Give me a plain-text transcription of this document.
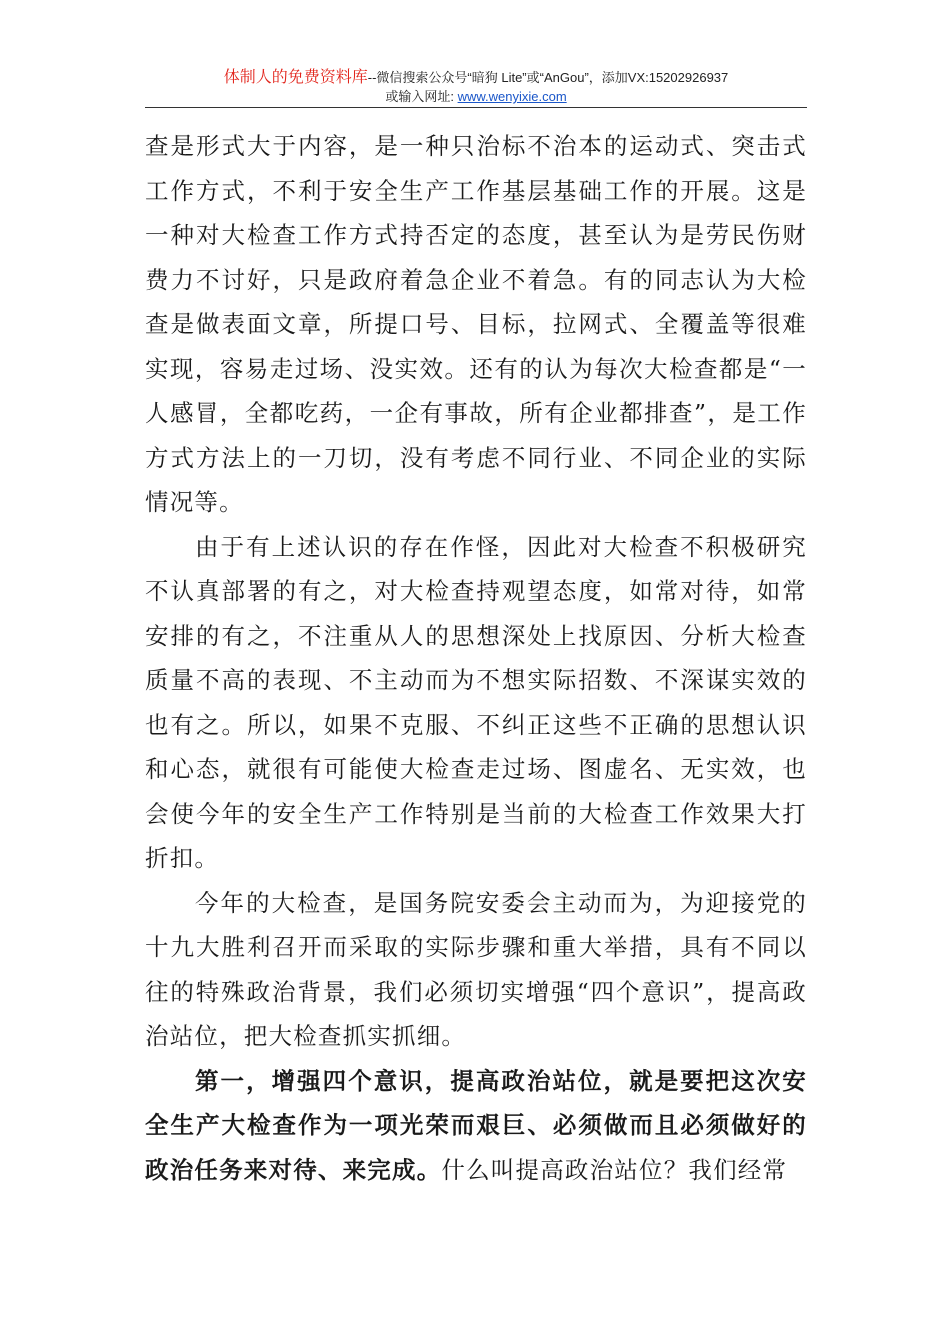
体制人的免费资料库--微信搜索公众号“暗狗 Lite”或“AnGou”，添加VX:15202926937
或输入网址: www.wenyixie.com

查是形式大于内容，是一种只治标不治本的运动式、突击式工作方式，不利于安全生产工作基层基础工作的开展。这是一种对大检查工作方式持否定的态度，甚至认为是劳民伤财费力不讨好，只是政府着急企业不着急。有的同志认为大检查是做表面文章，所提口号、目标，拉网式、全覆盖等很难实现，容易走过场、没实效。还有的认为每次大检查都是“一人感冒，全都吃药，一企有事故，所有企业都排查”，是工作方式方法上的一刀切，没有考虑不同行业、不同企业的实际情况等。

由于有上述认识的存在作怪，因此对大检查不积极研究不认真部署的有之，对大检查持观望态度，如常对待，如常安排的有之，不注重从人的思想深处上找原因、分析大检查质量不高的表现、不主动而为不想实际招数、不深谋实效的也有之。所以，如果不克服、不纠正这些不正确的思想认识和心态，就很有可能使大检查走过场、图虚名、无实效，也会使今年的安全生产工作特别是当前的大检查工作效果大打折扣。

今年的大检查，是国务院安委会主动而为，为迎接党的十九大胜利召开而采取的实际步骤和重大举措，具有不同以往的特殊政治背景，我们必须切实增强“四个意识”，提高政治站位，把大检查抓实抓细。

第一，增强四个意识，提高政治站位，就是要把这次安全生产大检查作为一项光荣而艰巨、必须做而且必须做好的政治任务来对待、来完成。什么叫提高政治站位？我们经常
